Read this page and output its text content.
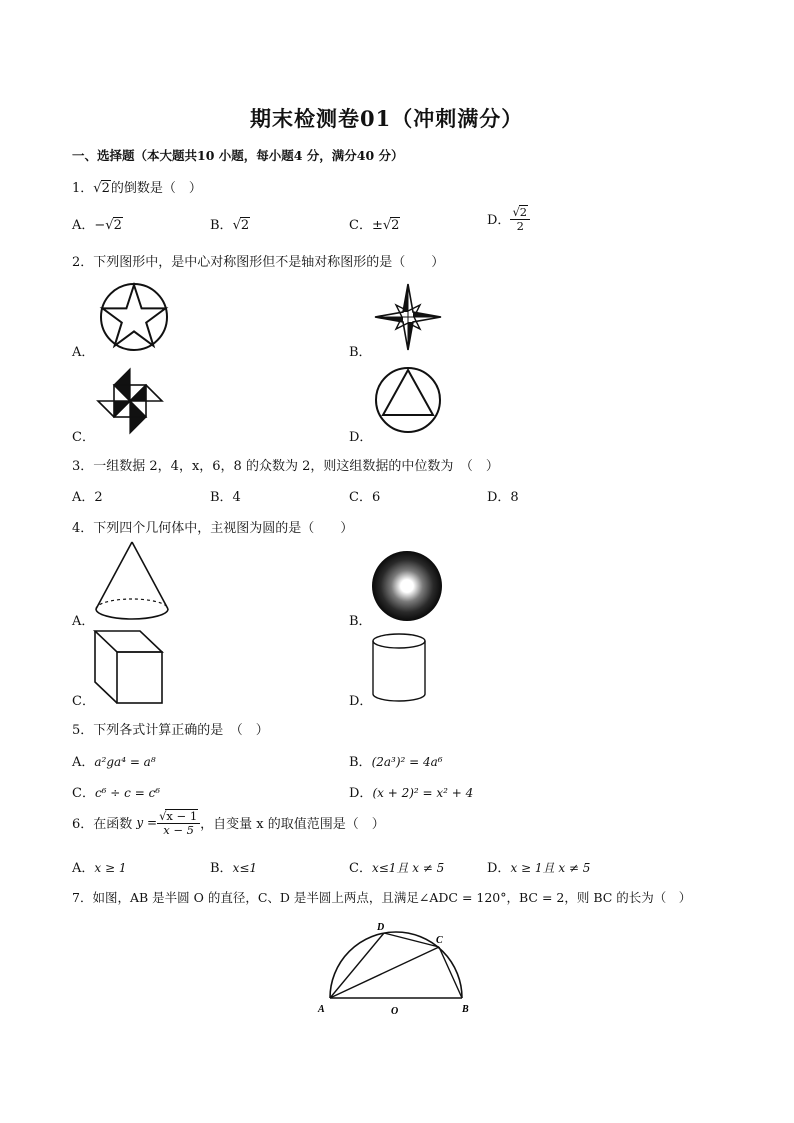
期末检测卷01（冲刺满分）
一、选择题（本大题共10 小题，每小题4 分，满分40 分）
1．√2的倒数是（　）
A．−√2	B．√2	C．±√2	D． $\frac{√2}{2}$
2．下列图形中，是中心对称图形但不是轴对称图形的是（　　）
A．	B．
C．	D．
3．一组数据 2，4，x，6，8 的众数为 2，则这组数据的中位数为　（　）
A．2	B．4	C．6	D．8
4．下列四个几何体中，主视图为圆的是（　　）
A．	B．
C．	D．
5．下列各式计算正确的是　（　）
A．a²ga⁴ = a⁸	B．(2a³)² = 4a⁶
C．c⁶ ÷ c = c⁶	D．(x + 2)² = x² + 4
6．在函数 $y = \frac{√x - 1}{x - 5}$ ，自变量 x 的取值范围是（　）
A．x ≥ 1	B．x≤1	C．x≤1且 x ≠ 5	D．x ≥ 1且 x ≠ 5
7．如图，AB 是半圆 O 的直径，C、D 是半圆上两点，且满足∠ADC = 120°，BC = 2，则 BC 的长为（　）
A	O	B
C
D
